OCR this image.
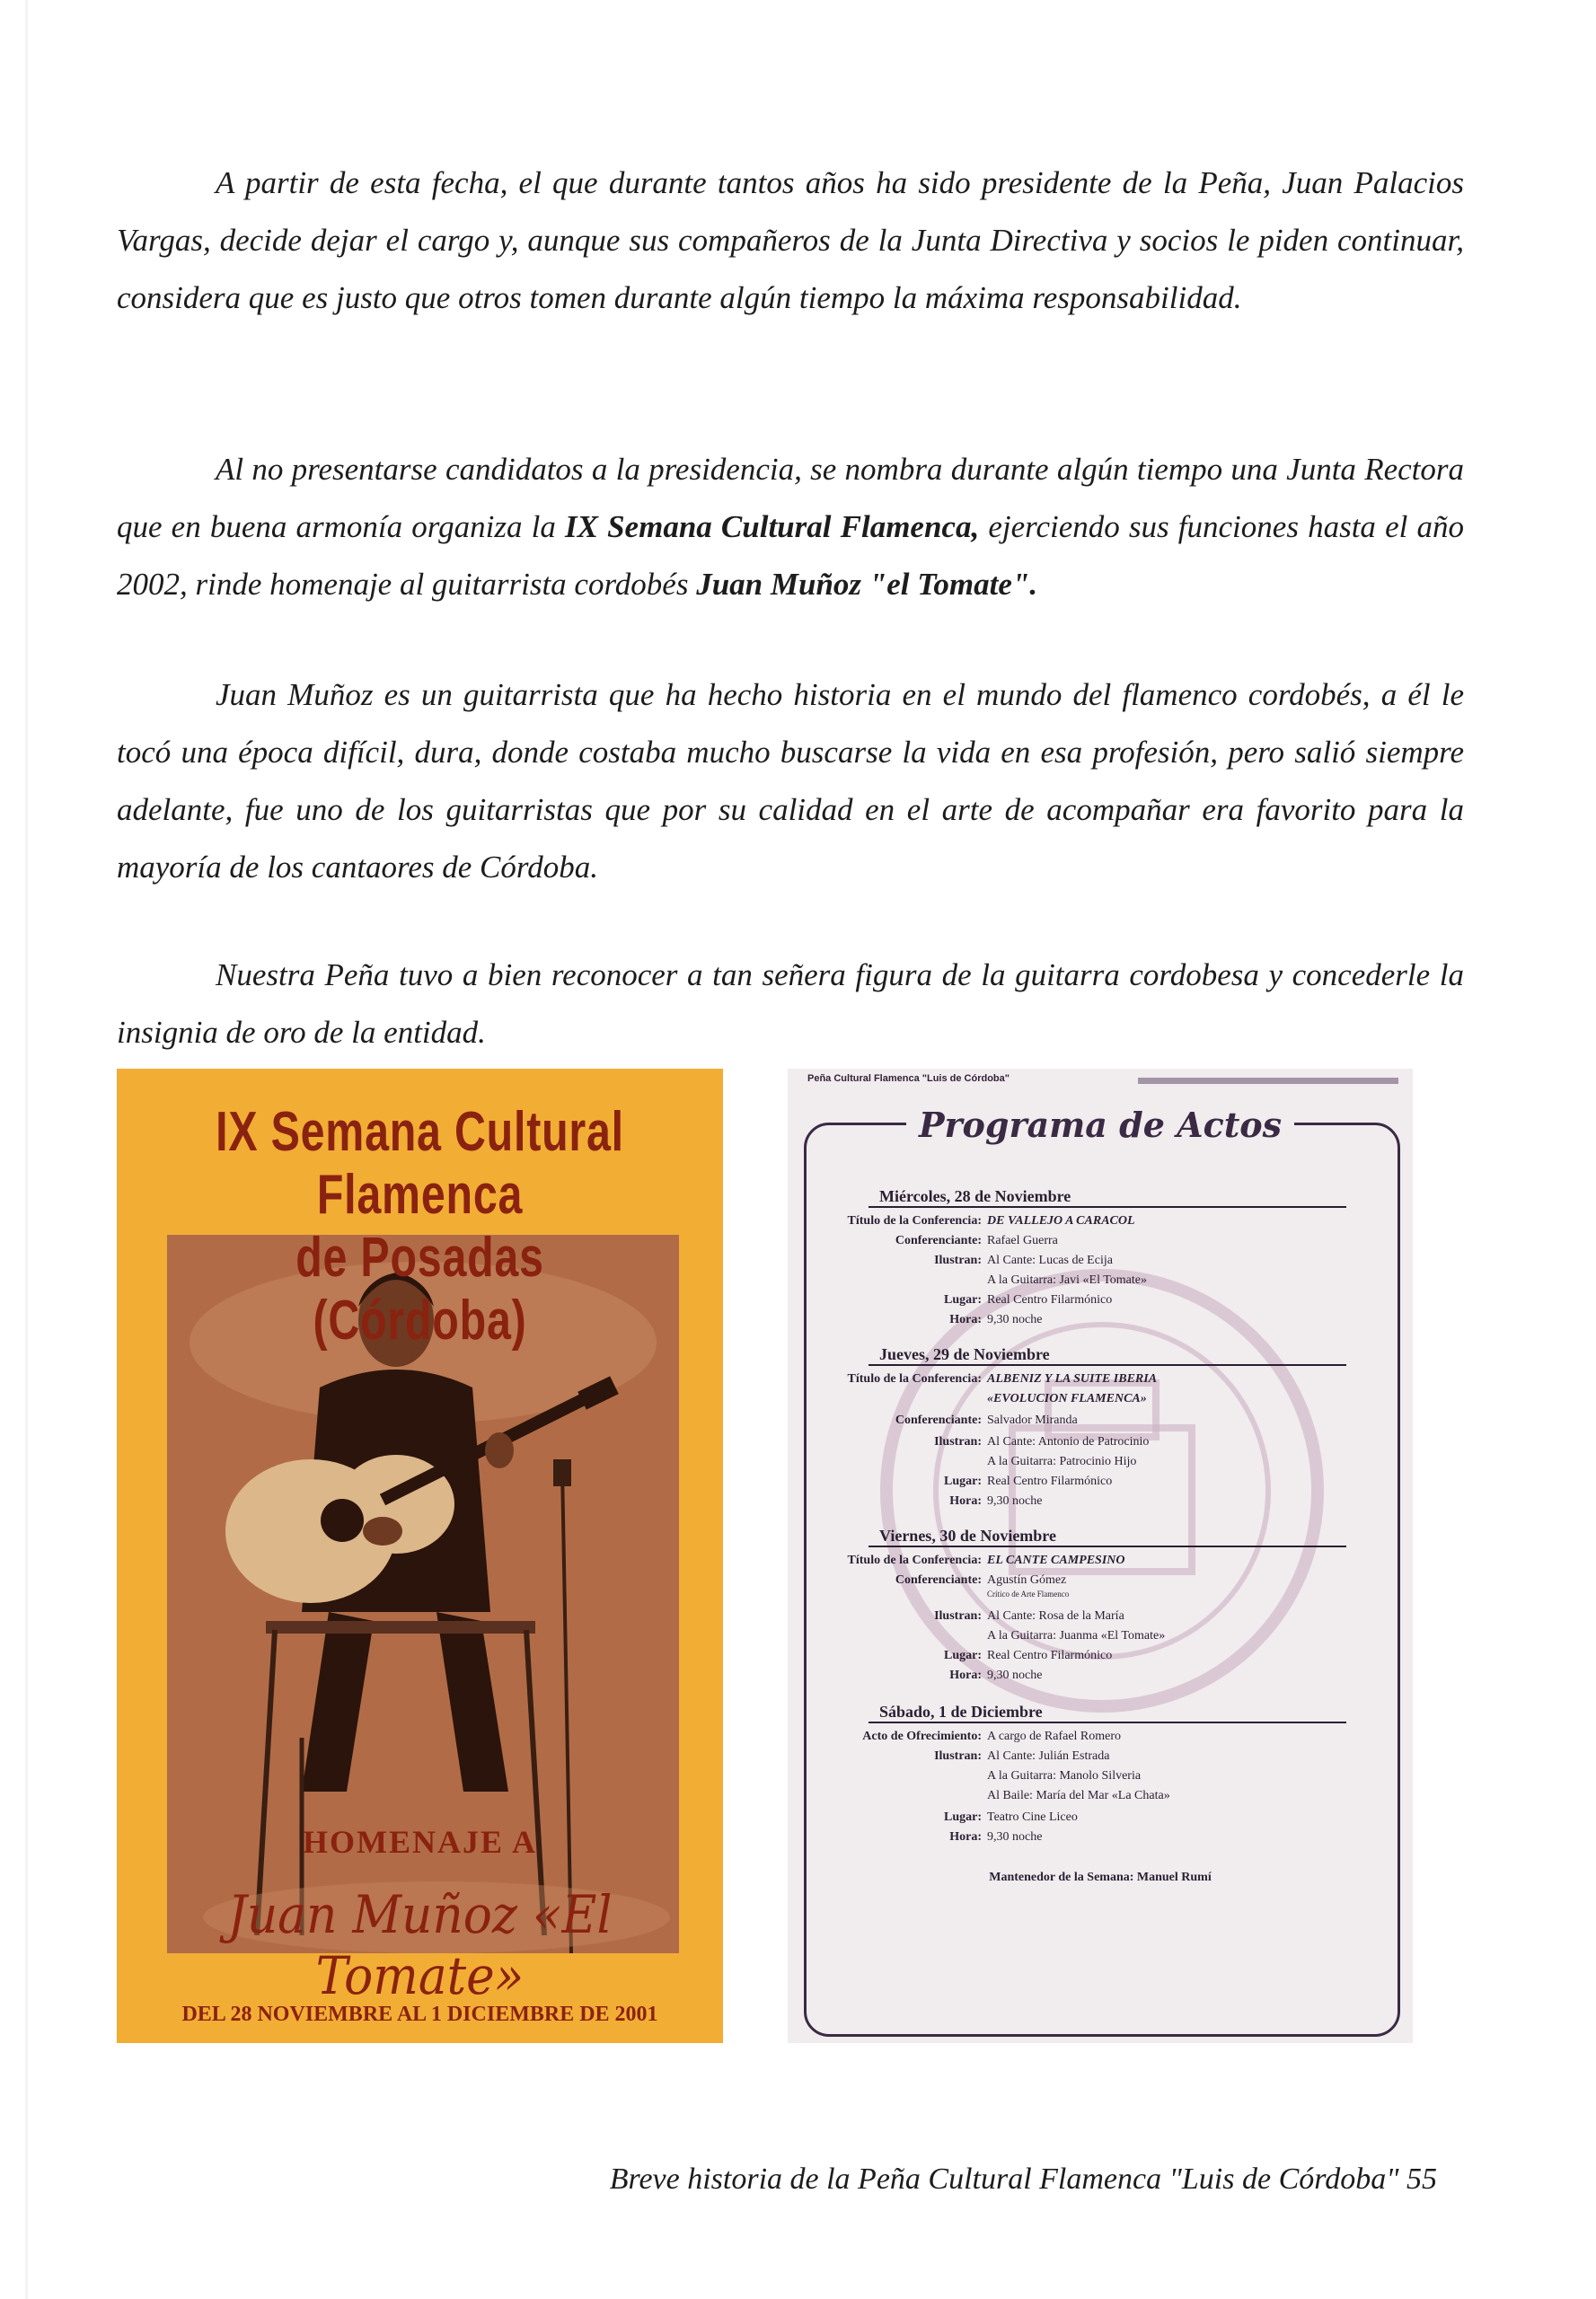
A partir de esta fecha, el que durante tantos años ha sido presidente de la Peña, Juan Palacios Vargas, decide dejar el cargo y, aunque sus compañeros de la Junta Directiva y socios le piden continuar, considera que es justo que otros tomen durante algún tiempo la máxima responsabilidad.
Al no presentarse candidatos a la presidencia, se nombra durante algún tiempo una Junta Rectora que en buena armonía organiza la IX Semana Cultural Flamenca, ejerciendo sus funciones hasta el año 2002, rinde homenaje al guitarrista cordobés Juan Muñoz "el Tomate".
Juan Muñoz es un guitarrista que ha hecho historia en el mundo del flamenco cordobés, a él le tocó una época difícil, dura, donde costaba mucho buscarse la vida en esa profesión, pero salió siempre adelante, fue uno de los guitarristas que por su calidad en el arte de acompañar era favorito para la mayoría de los cantaores de Córdoba.
Nuestra Peña tuvo a bien reconocer a tan señera figura de la guitarra cordobesa y concederle la insignia de oro de la entidad.
IX Semana Cultural Flamenca
de Posadas (Córdoba)
HOMENAJE A
Juan Muñoz «El Tomate»
DEL 28 NOVIEMBRE AL 1 DICIEMBRE DE 2001
Peña Cultural Flamenca "Luis de Córdoba"
Programa de Actos
Miércoles, 28 de Noviembre
Título de la Conferencia: DE VALLEJO A CARACOL
Conferenciante: Rafael Guerra
Ilustran: Al Cante: Lucas de Ecija
A la Guitarra: Javi «El Tomate»
Lugar: Real Centro Filarmónico
Hora: 9,30 noche
Jueves, 29 de Noviembre
Título de la Conferencia: ALBENIZ Y LA SUITE IBERIA
«EVOLUCION FLAMENCA»
Conferenciante: Salvador Miranda
Ilustran: Al Cante: Antonio de Patrocinio
A la Guitarra: Patrocinio Hijo
Lugar: Real Centro Filarmónico
Hora: 9,30 noche
Viernes, 30 de Noviembre
Título de la Conferencia: EL CANTE CAMPESINO
Conferenciante: Agustín Gómez
Crítico de Arte Flamenco
Ilustran: Al Cante: Rosa de la María
A la Guitarra: Juanma «El Tomate»
Lugar: Real Centro Filarmónico
Hora: 9,30 noche
Sábado, 1 de Diciembre
Acto de Ofrecimiento: A cargo de Rafael Romero
Ilustran: Al Cante: Julián Estrada
A la Guitarra: Manolo Silveria
Al Baile: María del Mar «La Chata»
Lugar: Teatro Cine Liceo
Hora: 9,30 noche
Mantenedor de la Semana: Manuel Rumí
Breve historia de la Peña Cultural Flamenca "Luis de Córdoba" 55
